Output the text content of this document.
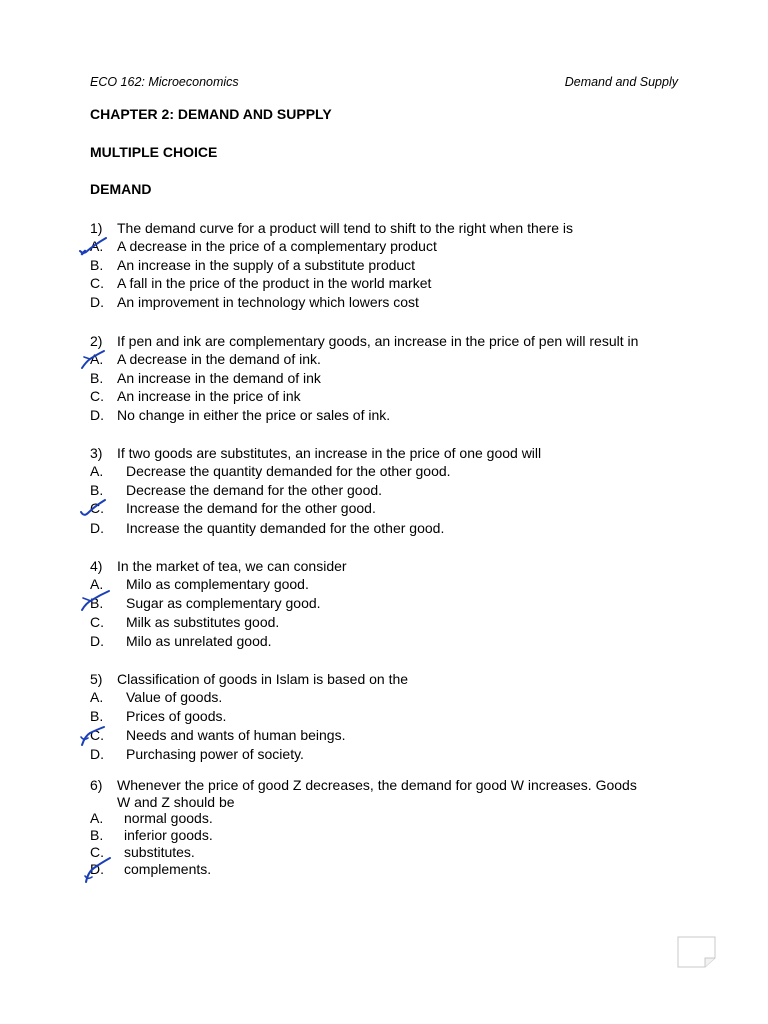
ECO 162: Microeconomics	Demand and Supply
CHAPTER 2: DEMAND AND SUPPLY
MULTIPLE CHOICE
DEMAND
1) The demand curve for a product will tend to shift to the right when there is
A. A decrease in the price of a complementary product
B. An increase in the supply of a substitute product
C. A fall in the price of the product in the world market
D. An improvement in technology which lowers cost
2) If pen and ink are complementary goods, an increase in the price of pen will result in
A. A decrease in the demand of ink.
B. An increase in the demand of ink
C. An increase in the price of ink
D. No change in either the price or sales of ink.
3) If two goods are substitutes, an increase in the price of one good will
A. Decrease the quantity demanded for the other good.
B. Decrease the demand for the other good.
C. Increase the demand for the other good.
D. Increase the quantity demanded for the other good.
4) In the market of tea, we can consider
A. Milo as complementary good.
B. Sugar as complementary good.
C. Milk as substitutes good.
D. Milo as unrelated good.
5) Classification of goods in Islam is based on the
A. Value of goods.
B. Prices of goods.
C. Needs and wants of human beings.
D. Purchasing power of society.
6) Whenever the price of good Z decreases, the demand for good W increases. Goods
W and Z should be
A. normal goods.
B. inferior goods.
C. substitutes.
D. complements.
